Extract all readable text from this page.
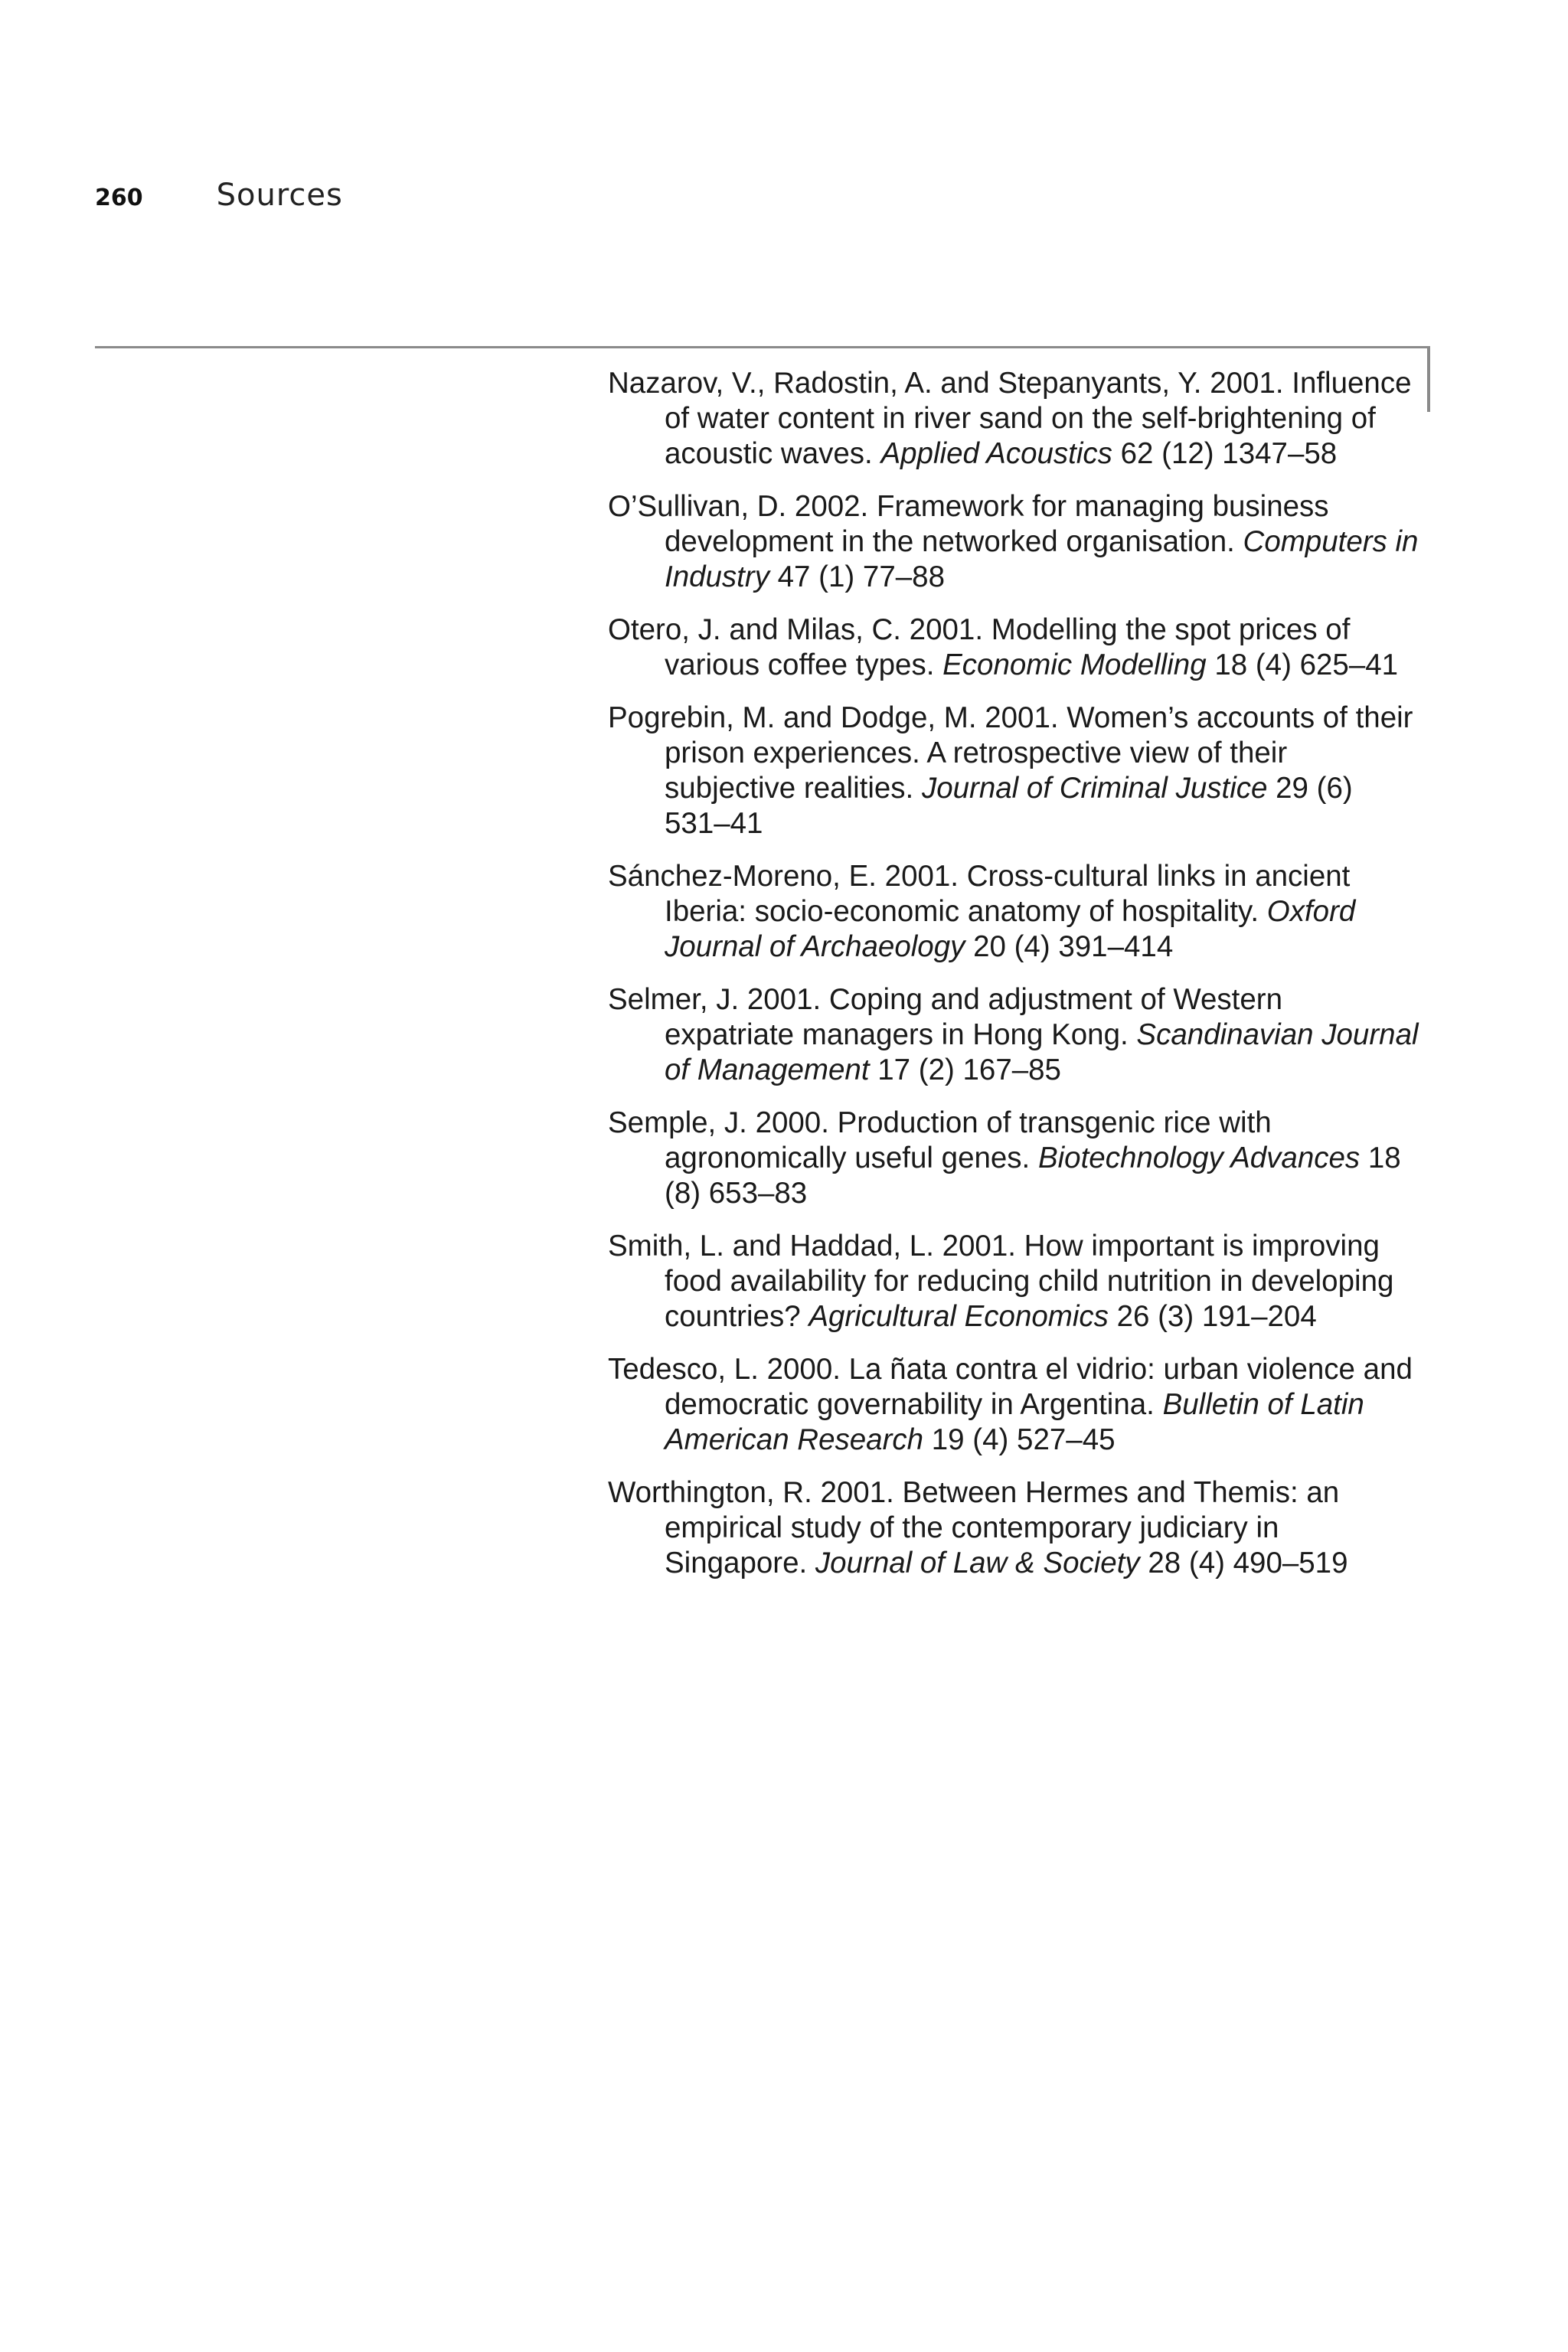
260 Sources

Nazarov, V., Radostin, A. and Stepanyants, Y. 2001. Influence of water content in river sand on the self-brightening of acoustic waves. Applied Acoustics 62 (12) 1347–58

O’Sullivan, D. 2002. Framework for managing business development in the networked organisation. Computers in Industry 47 (1) 77–88

Otero, J. and Milas, C. 2001. Modelling the spot prices of various coffee types. Economic Modelling 18 (4) 625–41

Pogrebin, M. and Dodge, M. 2001. Women’s accounts of their prison experiences. A retrospective view of their subjective realities. Journal of Criminal Justice 29 (6) 531–41

Sánchez-Moreno, E. 2001. Cross-cultural links in ancient Iberia: socio-economic anatomy of hospitality. Oxford Journal of Archaeology 20 (4) 391–414

Selmer, J. 2001. Coping and adjustment of Western expatriate managers in Hong Kong. Scandinavian Journal of Management 17 (2) 167–85

Semple, J. 2000. Production of transgenic rice with agronomically useful genes. Biotechnology Advances 18 (8) 653–83

Smith, L. and Haddad, L. 2001. How important is improving food availability for reducing child nutrition in developing countries? Agricultural Economics 26 (3) 191–204

Tedesco, L. 2000. La ñata contra el vidrio: urban violence and democratic governability in Argentina. Bulletin of Latin American Research 19 (4) 527–45

Worthington, R. 2001. Between Hermes and Themis: an empirical study of the contemporary judiciary in Singapore. Journal of Law & Society 28 (4) 490–519
